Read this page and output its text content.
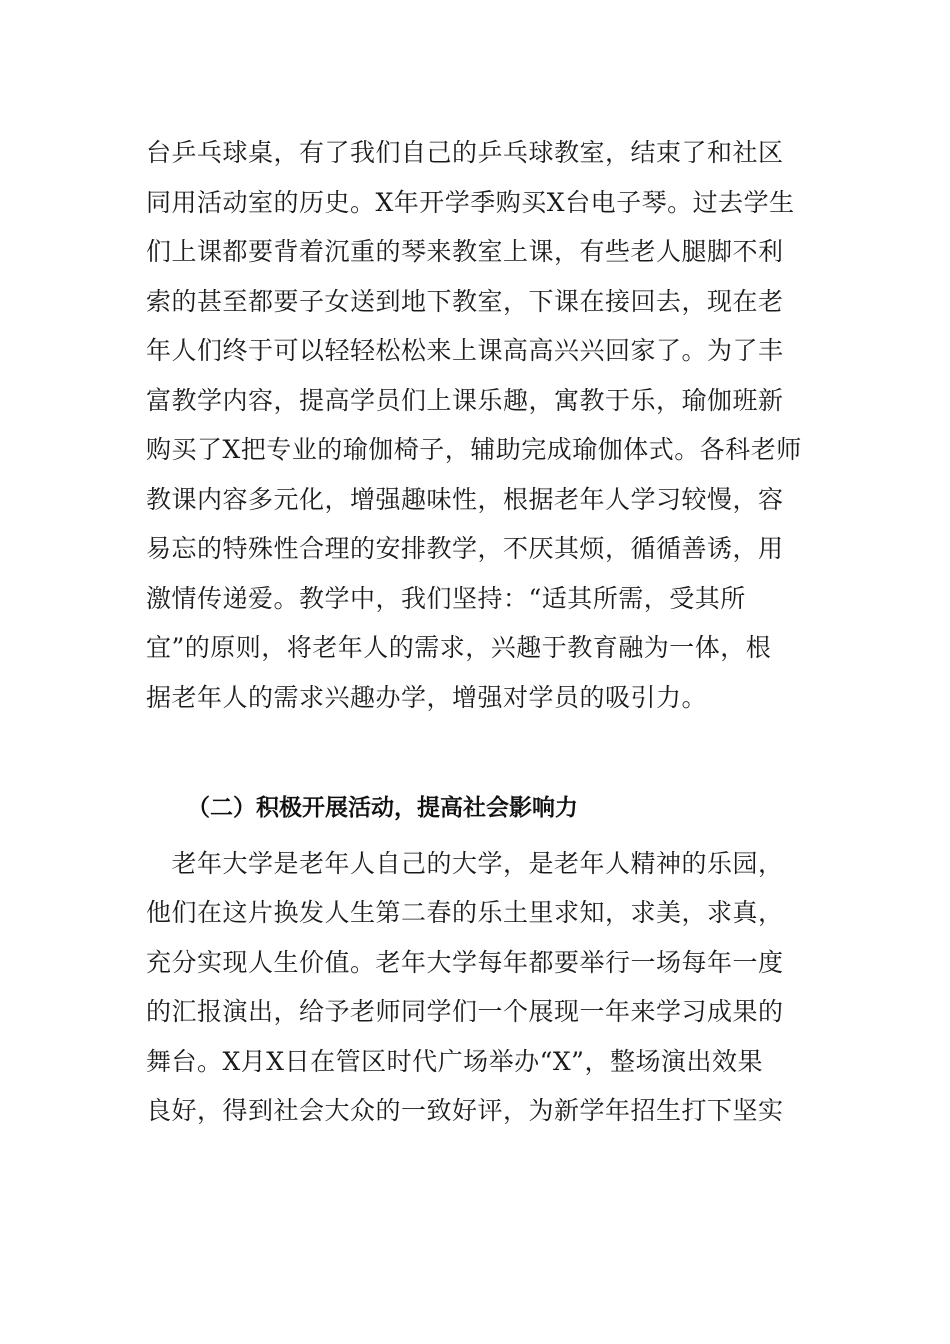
台乒乓球桌，有了我们自己的乒乓球教室，结束了和社区
同用活动室的历史。X年开学季购买X台电子琴。过去学生
们上课都要背着沉重的琴来教室上课，有些老人腿脚不利
索的甚至都要子女送到地下教室，下课在接回去，现在老
年人们终于可以轻轻松松来上课高高兴兴回家了。为了丰
富教学内容，提高学员们上课乐趣，寓教于乐，瑜伽班新
购买了X把专业的瑜伽椅子，辅助完成瑜伽体式。各科老师
教课内容多元化，增强趣味性，根据老年人学习较慢，容
易忘的特殊性合理的安排教学，不厌其烦，循循善诱，用
激情传递爱。教学中，我们坚持：“适其所需，受其所
宜”的原则，将老年人的需求，兴趣于教育融为一体，根
据老年人的需求兴趣办学，增强对学员的吸引力。
（二）积极开展活动，提高社会影响力
　老年大学是老年人自己的大学，是老年人精神的乐园，
他们在这片换发人生第二春的乐土里求知，求美，求真，
充分实现人生价值。老年大学每年都要举行一场每年一度
的汇报演出，给予老师同学们一个展现一年来学习成果的
舞台。X月X日在管区时代广场举办“X”，整场演出效果
良好，得到社会大众的一致好评，为新学年招生打下坚实
